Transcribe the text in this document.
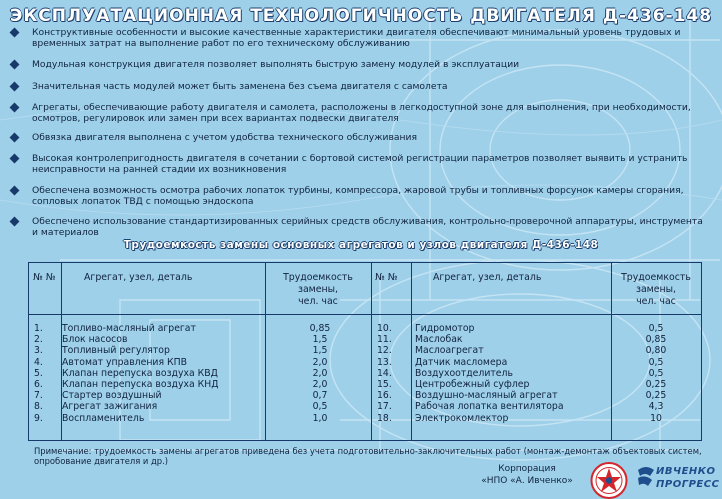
ЭКСПЛУАТАЦИОННАЯ ТЕХНОЛОГИЧНОСТЬ ДВИГАТЕЛЯ Д-436-148
Конструктивные особенности и высокие качественные характеристики двигателя обеспечивают минимальный уровень трудовых и временных затрат на выполнение работ по его техническому обслуживанию
Модульная конструкция двигателя позволяет выполнять быструю замену модулей в эксплуатации
Значительная часть модулей может быть заменена без съема двигателя с самолета
Агрегаты, обеспечивающие работу двигателя и самолета, расположены в легкодоступной зоне для выполнения, при необходимости, осмотров, регулировок или замен при всех вариантах подвески двигателя
Обвязка двигателя выполнена с учетом удобства технического обслуживания
Высокая контролепригодность двигателя в сочетании с бортовой системой регистрации параметров позволяет выявить и устранить неисправности на ранней стадии их возникновения
Обеспечена возможность осмотра рабочих лопаток турбины, компрессора, жаровой трубы и топливных форсунок камеры сгорания, сопловых лопаток ТВД с помощью эндоскопа
Обеспечено использование стандартизированных серийных средств обслуживания, контрольно-проверочной аппаратуры, инструмента и материалов
Трудоемкость замены основных агрегатов и узлов двигателя Д-436-148
№ №	Агрегат, узел, деталь	Трудоемкость
замены,
чел. час
№ №	Агрегат, узел, деталь	Трудоемкость
замены,
чел. час
1. Топливо-масляный агрегат	0,85	10. Гидромотор	0,5
2. Блок насосов	1,5	11. Маслобак	0,85
3. Топливный регулятор	1,5	12. Маслоагрегат	0,80
4. Автомат управления КПВ	2,0	13. Датчик масломера	0,5
5. Клапан перепуска воздуха КВД	2,0	14. Воздухоотделитель	0,5
6. Клапан перепуска воздуха КНД	2,0	15. Центробежный суфлер	0,25
7. Стартер воздушный	0,7	16. Воздушно-масляный агрегат	0,25
8. Агрегат зажигания	0,5	17. Рабочая лопатка вентилятора	4,3
9. Воспламенитель	1,0	18. Электрокомлектор	10
Примечание: трудоемкость замены агрегатов приведена без учета подготовительно-заключительных работ (монтаж-демонтаж объектовых систем, опробование двигателя и др.)
Корпорация
«НПО «А. Ивченко»
ИВЧЕНКО
ПРОГРЕСС
